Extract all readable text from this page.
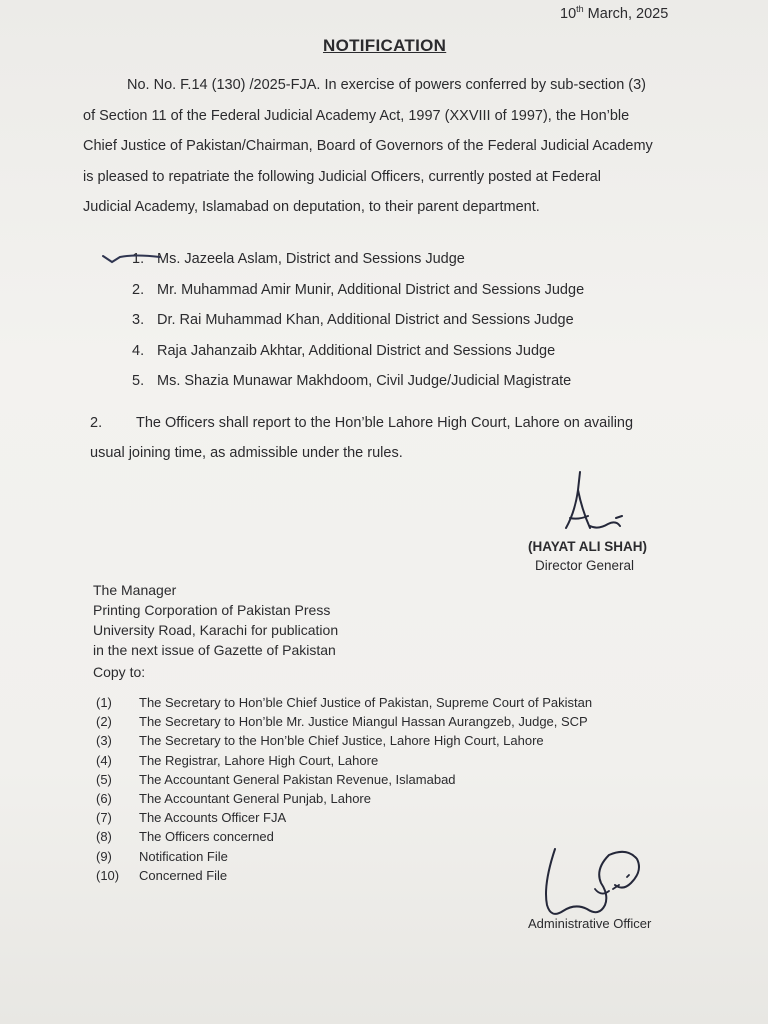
10th March, 2025
NOTIFICATION

No. No. F.14 (130) /2025-FJA. In exercise of powers conferred by sub-section (3)

of Section 11 of the Federal Judicial Academy Act, 1997 (XXVIII of 1997), the Hon’ble

Chief Justice of Pakistan/Chairman, Board of Governors of the Federal Judicial Academy

is pleased to repatriate the following Judicial Officers, currently posted at Federal

Judicial Academy, Islamabad on deputation, to their parent department.

1. Ms. Jazeela Aslam, District and Sessions Judge
2. Mr. Muhammad Amir Munir, Additional District and Sessions Judge
3. Dr. Rai Muhammad Khan, Additional District and Sessions Judge
4. Raja Jahanzaib Akhtar, Additional District and Sessions Judge
5. Ms. Shazia Munawar Makhdoom, Civil Judge/Judicial Magistrate

2. The Officers shall report to the Hon’ble Lahore High Court, Lahore on availing

usual joining time, as admissible under the rules.

(HAYAT ALI SHAH)
Director General
The Manager
Printing Corporation of Pakistan Press
University Road, Karachi for publication
in the next issue of Gazette of Pakistan
Copy to:
(1) The Secretary to Hon’ble Chief Justice of Pakistan, Supreme Court of Pakistan
(2) The Secretary to Hon’ble Mr. Justice Miangul Hassan Aurangzeb, Judge, SCP
(3) The Secretary to the Hon’ble Chief Justice, Lahore High Court, Lahore
(4) The Registrar, Lahore High Court, Lahore
(5) The Accountant General Pakistan Revenue, Islamabad
(6) The Accountant General Punjab, Lahore
(7) The Accounts Officer FJA
(8) The Officers concerned
(9) Notification File
(10) Concerned File
Administrative Officer
